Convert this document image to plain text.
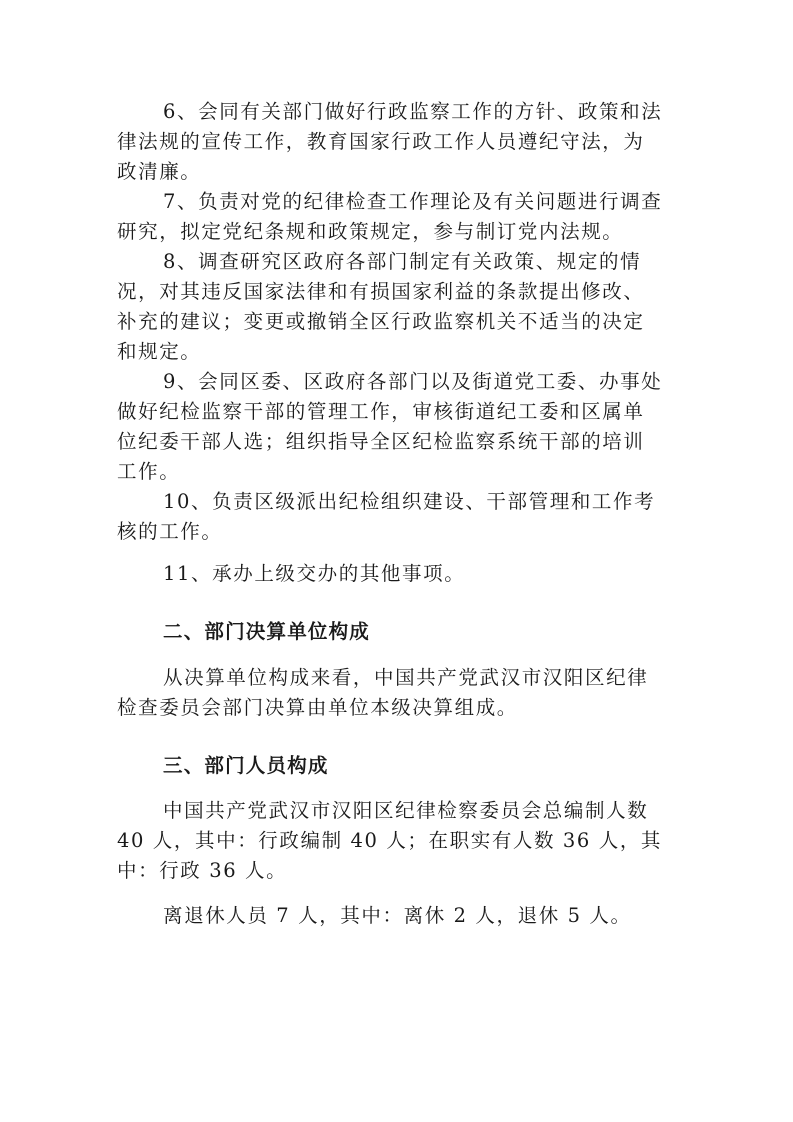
6、会同有关部门做好行政监察工作的方针、政策和法
律法规的宣传工作，教育国家行政工作人员遵纪守法，为
政清廉。
7、负责对党的纪律检查工作理论及有关问题进行调查
研究，拟定党纪条规和政策规定，参与制订党内法规。
8、调查研究区政府各部门制定有关政策、规定的情
况，对其违反国家法律和有损国家利益的条款提出修改、
补充的建议；变更或撤销全区行政监察机关不适当的决定
和规定。
9、会同区委、区政府各部门以及街道党工委、办事处
做好纪检监察干部的管理工作，审核街道纪工委和区属单
位纪委干部人选；组织指导全区纪检监察系统干部的培训
工作。
10、负责区级派出纪检组织建设、干部管理和工作考
核的工作。
11、承办上级交办的其他事项。
二、部门决算单位构成
从决算单位构成来看，中国共产党武汉市汉阳区纪律
检查委员会部门决算由单位本级决算组成。
三、部门人员构成
中国共产党武汉市汉阳区纪律检察委员会总编制人数
40 人，其中：行政编制 40 人；在职实有人数 36 人，其
中：行政 36 人。
离退休人员 7 人，其中：离休 2 人，退休 5 人。
